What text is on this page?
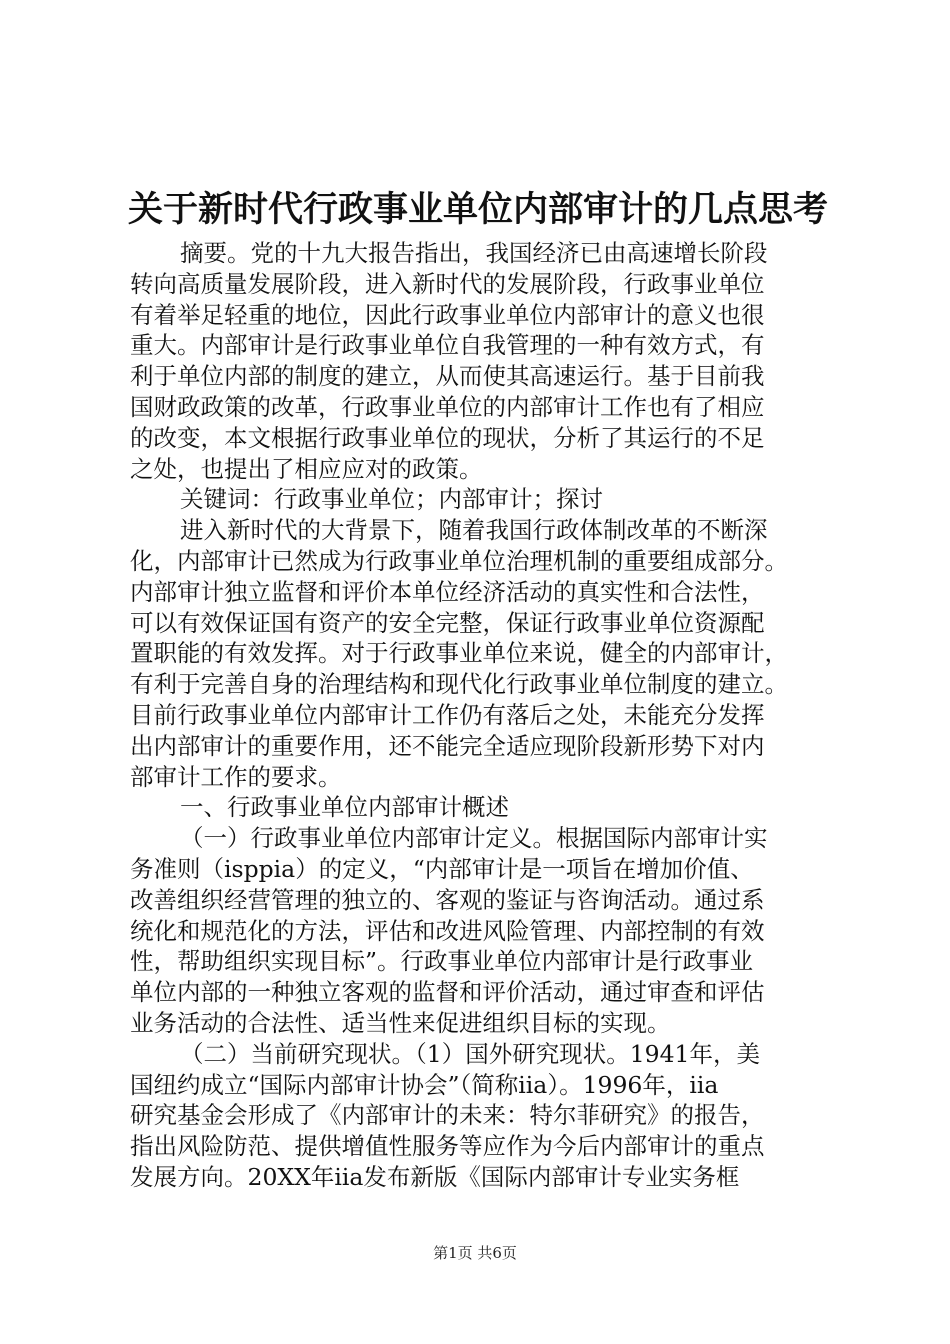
关于新时代行政事业单位内部审计的几点思考
摘要。党的十九大报告指出，我国经济已由高速增长阶段
转向高质量发展阶段，进入新时代的发展阶段，行政事业单位
有着举足轻重的地位，因此行政事业单位内部审计的意义也很
重大。内部审计是行政事业单位自我管理的一种有效方式，有
利于单位内部的制度的建立，从而使其高速运行。基于目前我
国财政政策的改革，行政事业单位的内部审计工作也有了相应
的改变，本文根据行政事业单位的现状，分析了其运行的不足
之处，也提出了相应应对的政策。
关键词：行政事业单位；内部审计；探讨
进入新时代的大背景下，随着我国行政体制改革的不断深
化，内部审计已然成为行政事业单位治理机制的重要组成部分。
内部审计独立监督和评价本单位经济活动的真实性和合法性，
可以有效保证国有资产的安全完整，保证行政事业单位资源配
置职能的有效发挥。对于行政事业单位来说，健全的内部审计，
有利于完善自身的治理结构和现代化行政事业单位制度的建立。
目前行政事业单位内部审计工作仍有落后之处，未能充分发挥
出内部审计的重要作用，还不能完全适应现阶段新形势下对内
部审计工作的要求。
一、行政事业单位内部审计概述
（一）行政事业单位内部审计定义。根据国际内部审计实
务准则（isppia）的定义，“内部审计是一项旨在增加价值、
改善组织经营管理的独立的、客观的鉴证与咨询活动。通过系
统化和规范化的方法，评估和改进风险管理、内部控制的有效
性，帮助组织实现目标”。行政事业单位内部审计是行政事业
单位内部的一种独立客观的监督和评价活动，通过审查和评估
业务活动的合法性、适当性来促进组织目标的实现。
（二）当前研究现状。（1）国外研究现状。1941年，美
国纽约成立“国际内部审计协会”（简称iia）。1996年，iia
研究基金会形成了《内部审计的未来：特尔菲研究》的报告，
指出风险防范、提供增值性服务等应作为今后内部审计的重点
发展方向。20XX年iia发布新版《国际内部审计专业实务框
第1页 共6页
